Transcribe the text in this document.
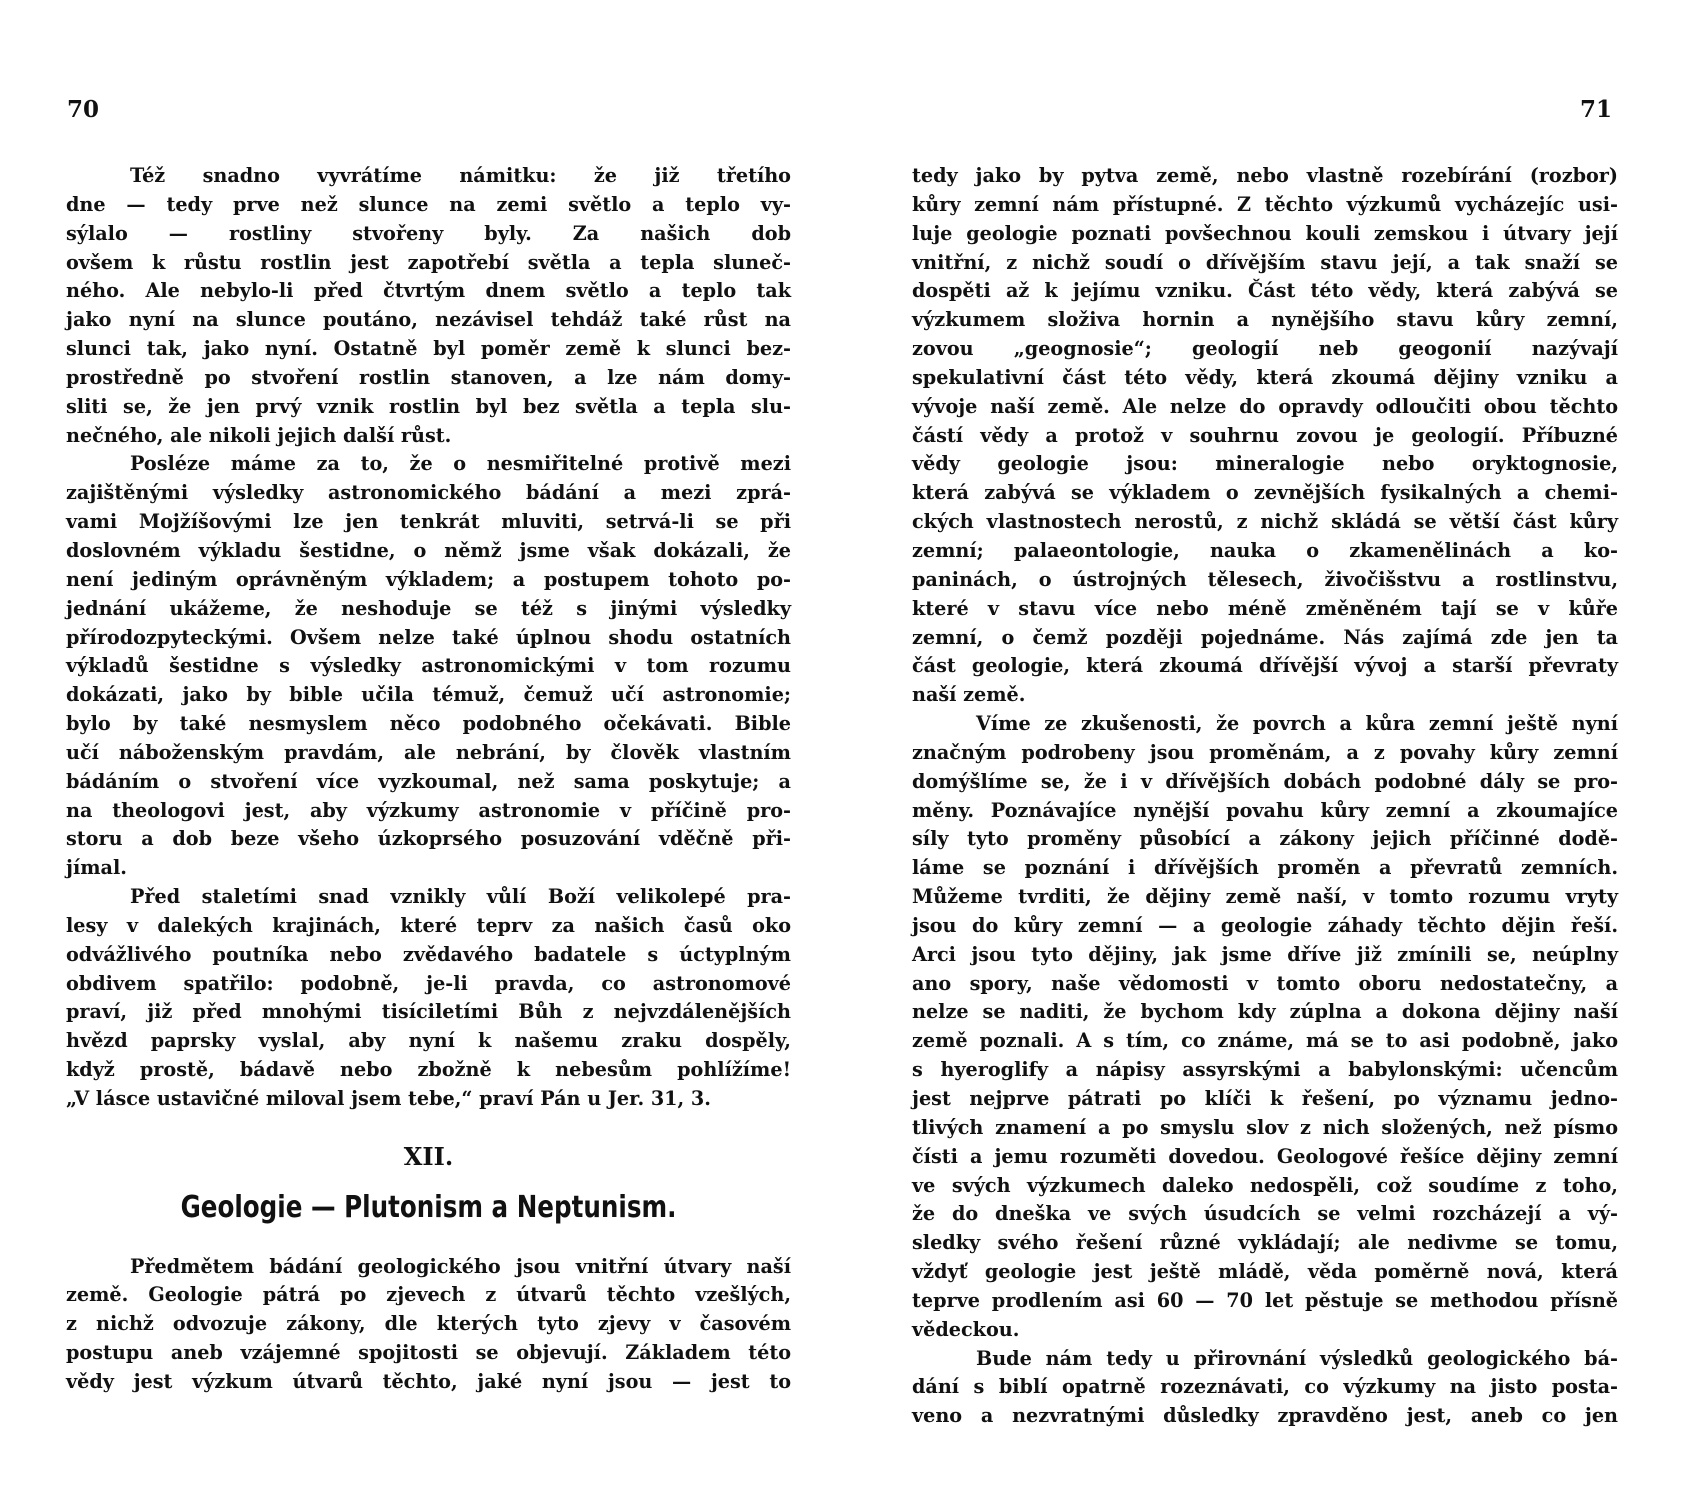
70	71
Též snadno vyvrátíme námitku: že již třetího
dne — tedy prve než slunce na zemi světlo a teplo vy-
sýlalo — rostliny stvořeny byly. Za našich dob
ovšem k růstu rostlin jest zapotřebí světla a tepla slunеč-
ného. Ale nebylo-li před čtvrtým dnem světlo a teplo tak
jako nyní na slunce poutáno, nezávisel tehdáž také růst na
slunci tak, jako nyní. Ostatně byl poměr země k slunci bez-
prostředně po stvoření rostlin stanoven, a lze nám domy-
sliti se, že jen prvý vznik rostlin byl bez světla a tepla slu-
nečného, ale nikoli jejich další růst.
Posléze máme za to, že o nesmiřitelné protivě mezi
zajištěnými výsledky astronomického bádání a mezi zprá-
vami Mojžíšovými lze jen tenkrát mluviti, setrvá-li se při
doslovném výkladu šestidne, o němž jsme však dokázali, že
není jediným oprávněným výkladem; a postupem tohoto po-
jednání ukážeme, že neshoduje se též s jinými výsledky
přírodozpyteckými. Ovšem nelze také úplnou shodu ostatních
výkladů šestidne s výsledky astronomickými v tom rozumu
dokázati, jako by bible učila témuž, čemuž učí astronomie;
bylo by také nesmyslem něco podobného očekávati. Bible
učí náboženským pravdám, ale nebrání, by člověk vlastním
bádáním o stvoření více vyzkoumal, než sama poskytuje; a
na theologovi jest, aby výzkumy astronomie v příčině pro-
storu a dob beze všeho úzkoprsého posuzování vděčně při-
jímal.
Před staletími snad vznikly vůlí Boží velikolepé pra-
lesy v dalekých krajinách, které teprv za našich časů oko
odvážlivého poutníka nebo zvědavého badatele s úctyplným
obdivem spatřilo: podobně, je-li pravda, co astronomové
praví, již před mnohými tisíciletími Bůh z nejvzdálenějších
hvězd paprsky vyslal, aby nyní k našemu zraku dospěly,
když prostě, bádavě nebo zbožně k nebesům pohlížíme!
„V lásce ustavičné miloval jsem tebe,“ praví Pán u Jer. 31, 3.
XII.
Geologie — Plutonism a Neptunism.
Předmětem bádání geologického jsou vnitřní útvary naší
země. Geologie pátrá po zjevech z útvarů těchto vzešlých,
z nichž odvozuje zákony, dle kterých tyto zjevy v časovém
postupu aneb vzájemné spojitosti se objevují. Základem této
vědy jest výzkum útvarů těchto, jaké nyní jsou — jest to
tedy jako by pytva země, nebo vlastně rozebírání (rozbor)
kůry zemní nám přístupné. Z těchto výzkumů vycházejíc usi-
luje geologie poznati povšechnou kouli zemskou i útvary její
vnitřní, z nichž soudí o dřívějším stavu její, a tak snaží se
dospěti až k jejímu vzniku. Část této vědy, která zabývá se
výzkumem složiva hornin a nynějšího stavu kůry zemní,
zovou „geognosie“; geologií neb geogonií nazývají
spekulativní část této vědy, která zkoumá dějiny vzniku a
vývoje naší země. Ale nelze do opravdy odloučiti obou těchto
částí vědy a protož v souhrnu zovou je geologií. Příbuzné
vědy geologie jsou: mineralogie nebo oryktognosie,
která zabývá se výkladem o zevnějších fysikalných a chemi-
ckých vlastnostech nerostů, z nichž skládá se větší část kůry
zemní; palaeontologie, nauka o zkamenělinách a ko-
paninách, o ústrojných tělesech, živočišstvu a rostlinstvu,
které v stavu více nebo méně změněném tají se v kůře
zemní, o čemž později pojednáme. Nás zajímá zde jen ta
část geologie, která zkoumá dřívější vývoj a starší převraty
naší země.
Víme ze zkušenosti, že povrch a kůra zemní ještě nyní
značným podrobeny jsou proměnám, a z povahy kůry zemní
domýšlíme se, že i v dřívějších dobách podobné dály se pro-
měny. Poznávajíce nynější povahu kůry zemní a zkoumajíce
síly tyto proměny působící a zákony jejich příčinné dodě-
láme se poznání i dřívějších proměn a převratů zemních.
Můžeme tvrditi, že dějiny země naší, v tomto rozumu vryty
jsou do kůry zemní — a geologie záhady těchto dějin řeší.
Arci jsou tyto dějiny, jak jsme dříve již zmínili se, neúplny
ano spory, naše vědomosti v tomto oboru nedostatečny, a
nelze se naditi, že bychom kdy zúplna a dokona dějiny naší
země poznali. A s tím, co známe, má se to asi podobně, jako
s hyeroglify a nápisy assyrskými a babylonskými: učencům
jest nejprve pátrati po klíči k řešení, po významu jedno-
tlivých znamení a po smyslu slov z nich složených, než písmo
čísti a jemu rozuměti dovedou. Geologové řešíce dějiny zemní
ve svých výzkumech daleko nedospěli, což soudíme z toho,
že do dneška ve svých úsudcích se velmi rozcházejí a vý-
sledky svého řešení různé vykládají; ale nedivme se tomu,
vždyť geologie jest ještě mládě, věda poměrně nová, která
teprve prodlením asi 60 — 70 let pěstuje se methodou přísně
vědeckou.
Bude nám tedy u přirovnání výsledků geologického bá-
dání s biblí opatrně rozeznávati, co výzkumy na jisto posta-
veno a nezvratnými důsledky zpravděno jest, aneb co jen
